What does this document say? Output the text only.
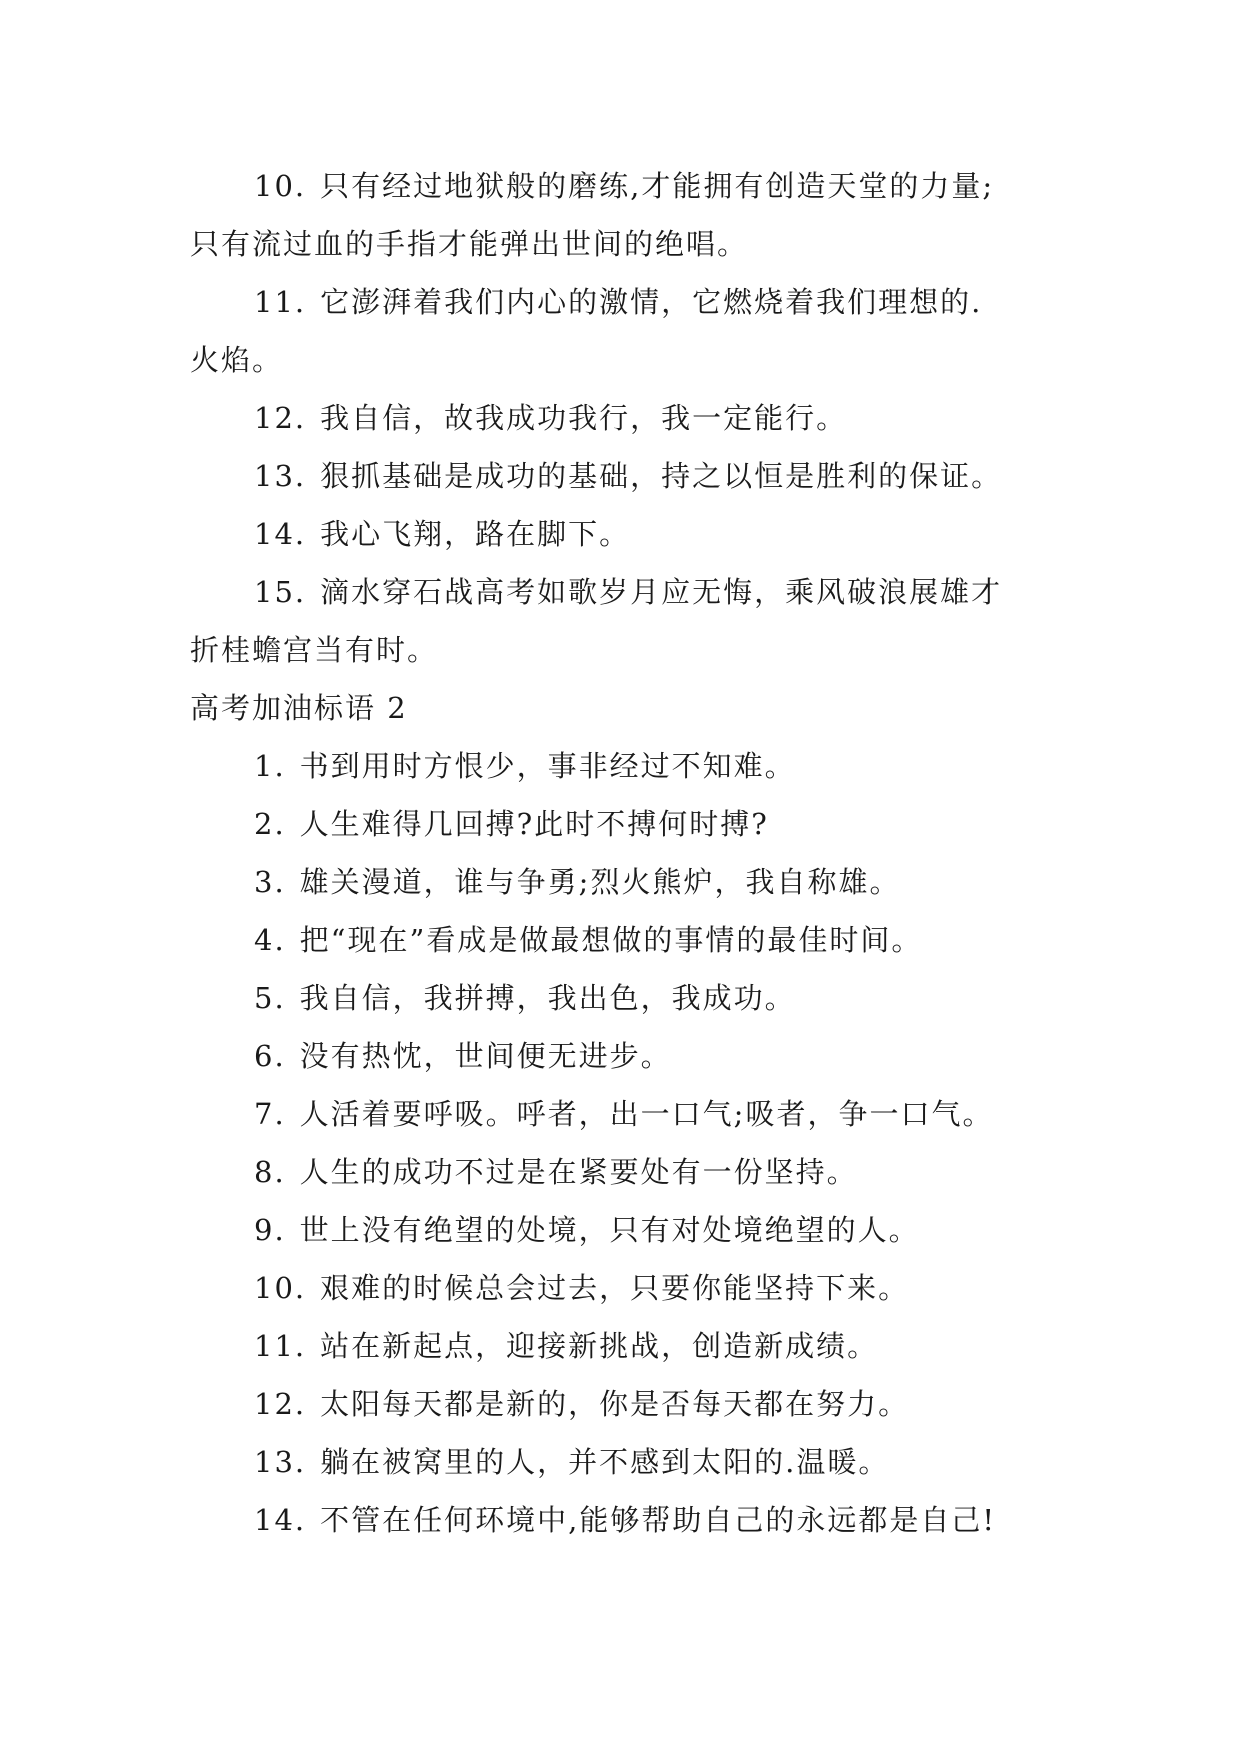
10. 只有经过地狱般的磨练,才能拥有创造天堂的力量;
只有流过血的手指才能弹出世间的绝唱。
11. 它澎湃着我们内心的激情，它燃烧着我们理想的.
火焰。
12. 我自信，故我成功我行，我一定能行。
13. 狠抓基础是成功的基础，持之以恒是胜利的保证。
14. 我心飞翔，路在脚下。
15. 滴水穿石战高考如歌岁月应无悔，乘风破浪展雄才
折桂蟾宫当有时。
高考加油标语 2
1. 书到用时方恨少，事非经过不知难。
2. 人生难得几回搏?此时不搏何时搏?
3. 雄关漫道，谁与争勇;烈火熊炉，我自称雄。
4. 把“现在”看成是做最想做的事情的最佳时间。
5. 我自信，我拼搏，我出色，我成功。
6. 没有热忱，世间便无进步。
7. 人活着要呼吸。呼者，出一口气;吸者，争一口气。
8. 人生的成功不过是在紧要处有一份坚持。
9. 世上没有绝望的处境，只有对处境绝望的人。
10. 艰难的时候总会过去，只要你能坚持下来。
11. 站在新起点，迎接新挑战，创造新成绩。
12. 太阳每天都是新的，你是否每天都在努力。
13. 躺在被窝里的人，并不感到太阳的.温暖。
14. 不管在任何环境中,能够帮助自己的永远都是自己!
